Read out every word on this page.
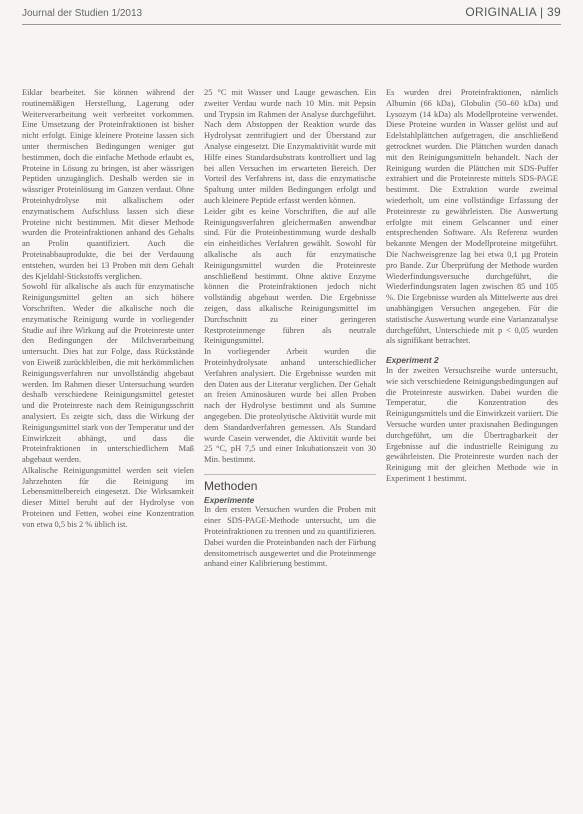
Journal der Studien 1/2013	ORIGINALIA | 39

Eiklar bearbeitet. Sie können während der routinemäßigen Herstellung, Lagerung oder Weiterverarbeitung weit verbreitet vorkommen. Eine Umsetzung der Proteinfraktionen ist bisher nicht erfolgt. Einige kleinere Proteine lassen sich unter thermischen Bedingungen weniger gut bestimmen, doch die einfache Methode erlaubt es, Proteine in Lösung zu bringen, ist aber wässrigen Peptiden unzugänglich. Deshalb werden sie in wässriger Proteinlösung im Ganzen verdaut. Ohne Proteinhydrolyse mit alkalischem oder enzymatischem Aufschluss lassen sich diese Proteine nicht bestimmen. Mit dieser Methode wurden die Proteinfraktionen anhand des Gehalts an Prolin quantifiziert. Auch die Proteinabbauprodukte, die bei der Verdauung entstehen, wurden bei 13 Proben mit dem Gehalt des Kjeldahl-Stickstoffs verglichen.

Sowohl für alkalische als auch für enzymatische Reinigungsmittel gelten an sich höhere Vorschriften. Weder die alkalische noch die enzymatische Reinigung wurde in vorliegender Studie auf ihre Wirkung auf die Proteinreste unter den Bedingungen der Milchverarbeitung untersucht. Dies hat zur Folge, dass Rückstände von Eiweiß zurückbleiben, die mit herkömmlichen Reinigungsverfahren nur unvollständig abgebaut werden. Im Rahmen dieser Untersuchung wurden deshalb verschiedene Reinigungsmittel getestet und die Proteinreste nach dem Reinigungsschritt analysiert. Es zeigte sich, dass die Wirkung der Reinigungsmittel stark von der Temperatur und der Einwirkzeit abhängt, und dass die Proteinfraktionen in unterschiedlichem Maß abgebaut werden.

Alkalische Reinigungsmittel werden seit vielen Jahrzehnten für die Reinigung im Lebensmittelbereich eingesetzt. Die Wirksamkeit dieser Mittel beruht auf der Hydrolyse von Proteinen und Fetten, wobei eine Konzentration von etwa 0,5 bis 2 % üblich ist.

25 °C mit Wasser und Lauge gewaschen. Ein zweiter Verdau wurde nach 10 Min. mit Pepsin und Trypsin im Rahmen der Analyse durchgeführt. Nach dem Abstoppen der Reaktion wurde das Hydrolysat zentrifugiert und der Überstand zur Analyse eingesetzt. Die Enzymaktivität wurde mit Hilfe eines Standardsubstrats kontrolliert und lag bei allen Versuchen im erwarteten Bereich. Der Vorteil des Verfahrens ist, dass die enzymatische Spaltung unter milden Bedingungen erfolgt und auch kleinere Peptide erfasst werden können.

Leider gibt es keine Vorschriften, die auf alle Reinigungsverfahren gleichermaßen anwendbar sind. Für die Proteinbestimmung wurde deshalb ein einheitliches Verfahren gewählt. Sowohl für alkalische als auch für enzymatische Reinigungsmittel wurden die Proteinreste anschließend bestimmt. Ohne aktive Enzyme können die Proteinfraktionen jedoch nicht vollständig abgebaut werden. Die Ergebnisse zeigen, dass alkalische Reinigungsmittel im Durchschnitt zu einer geringeren Restproteinmenge führen als neutrale Reinigungsmittel.

In vorliegender Arbeit wurden die Proteinhydrolysate anhand unterschiedlicher Verfahren analysiert. Die Ergebnisse wurden mit den Daten aus der Literatur verglichen. Der Gehalt an freien Aminosäuren wurde bei allen Proben nach der Hydrolyse bestimmt und als Summe angegeben. Die proteolytische Aktivität wurde mit dem Standardverfahren gemessen. Als Standard wurde Casein verwendet, die Aktivität wurde bei 25 °C, pH 7,5 und einer Inkubationszeit von 30 Min. bestimmt.

Methoden
Experimente

In den ersten Versuchen wurden die Proben mit einer SDS-PAGE-Methode untersucht, um die Proteinfraktionen zu trennen und zu quantifizieren. Dabei wurden die Proteinbanden nach der Färbung densitometrisch ausgewertet und die Proteinmenge anhand einer Kalibrierung bestimmt.

Es wurden drei Proteinfraktionen, nämlich Albumin (66 kDa), Globulin (50–60 kDa) und Lysozym (14 kDa) als Modellproteine verwendet. Diese Proteine wurden in Wasser gelöst und auf Edelstahlplättchen aufgetragen, die anschließend getrocknet wurden. Die Plättchen wurden danach mit den Reinigungsmitteln behandelt. Nach der Reinigung wurden die Plättchen mit SDS-Puffer extrahiert und die Proteinreste mittels SDS-PAGE bestimmt. Die Extraktion wurde zweimal wiederholt, um eine vollständige Erfassung der Proteinreste zu gewährleisten. Die Auswertung erfolgte mit einem Gelscanner und einer entsprechenden Software. Als Referenz wurden bekannte Mengen der Modellproteine mitgeführt. Die Nachweisgrenze lag bei etwa 0,1 µg Protein pro Bande. Zur Überprüfung der Methode wurden Wiederfindungsversuche durchgeführt, die Wiederfindungsraten lagen zwischen 85 und 105 %. Die Ergebnisse wurden als Mittelwerte aus drei unabhängigen Versuchen angegeben. Für die statistische Auswertung wurde eine Varianzanalyse durchgeführt, Unterschiede mit p < 0,05 wurden als signifikant betrachtet.

Experiment 2

In der zweiten Versuchsreihe wurde untersucht, wie sich verschiedene Reinigungsbedingungen auf die Proteinreste auswirken. Dabei wurden die Temperatur, die Konzentration des Reinigungsmittels und die Einwirkzeit variiert. Die Versuche wurden unter praxisnahen Bedingungen durchgeführt, um die Übertragbarkeit der Ergebnisse auf die industrielle Reinigung zu gewährleisten. Die Proteinreste wurden nach der Reinigung mit der gleichen Methode wie in Experiment 1 bestimmt.
